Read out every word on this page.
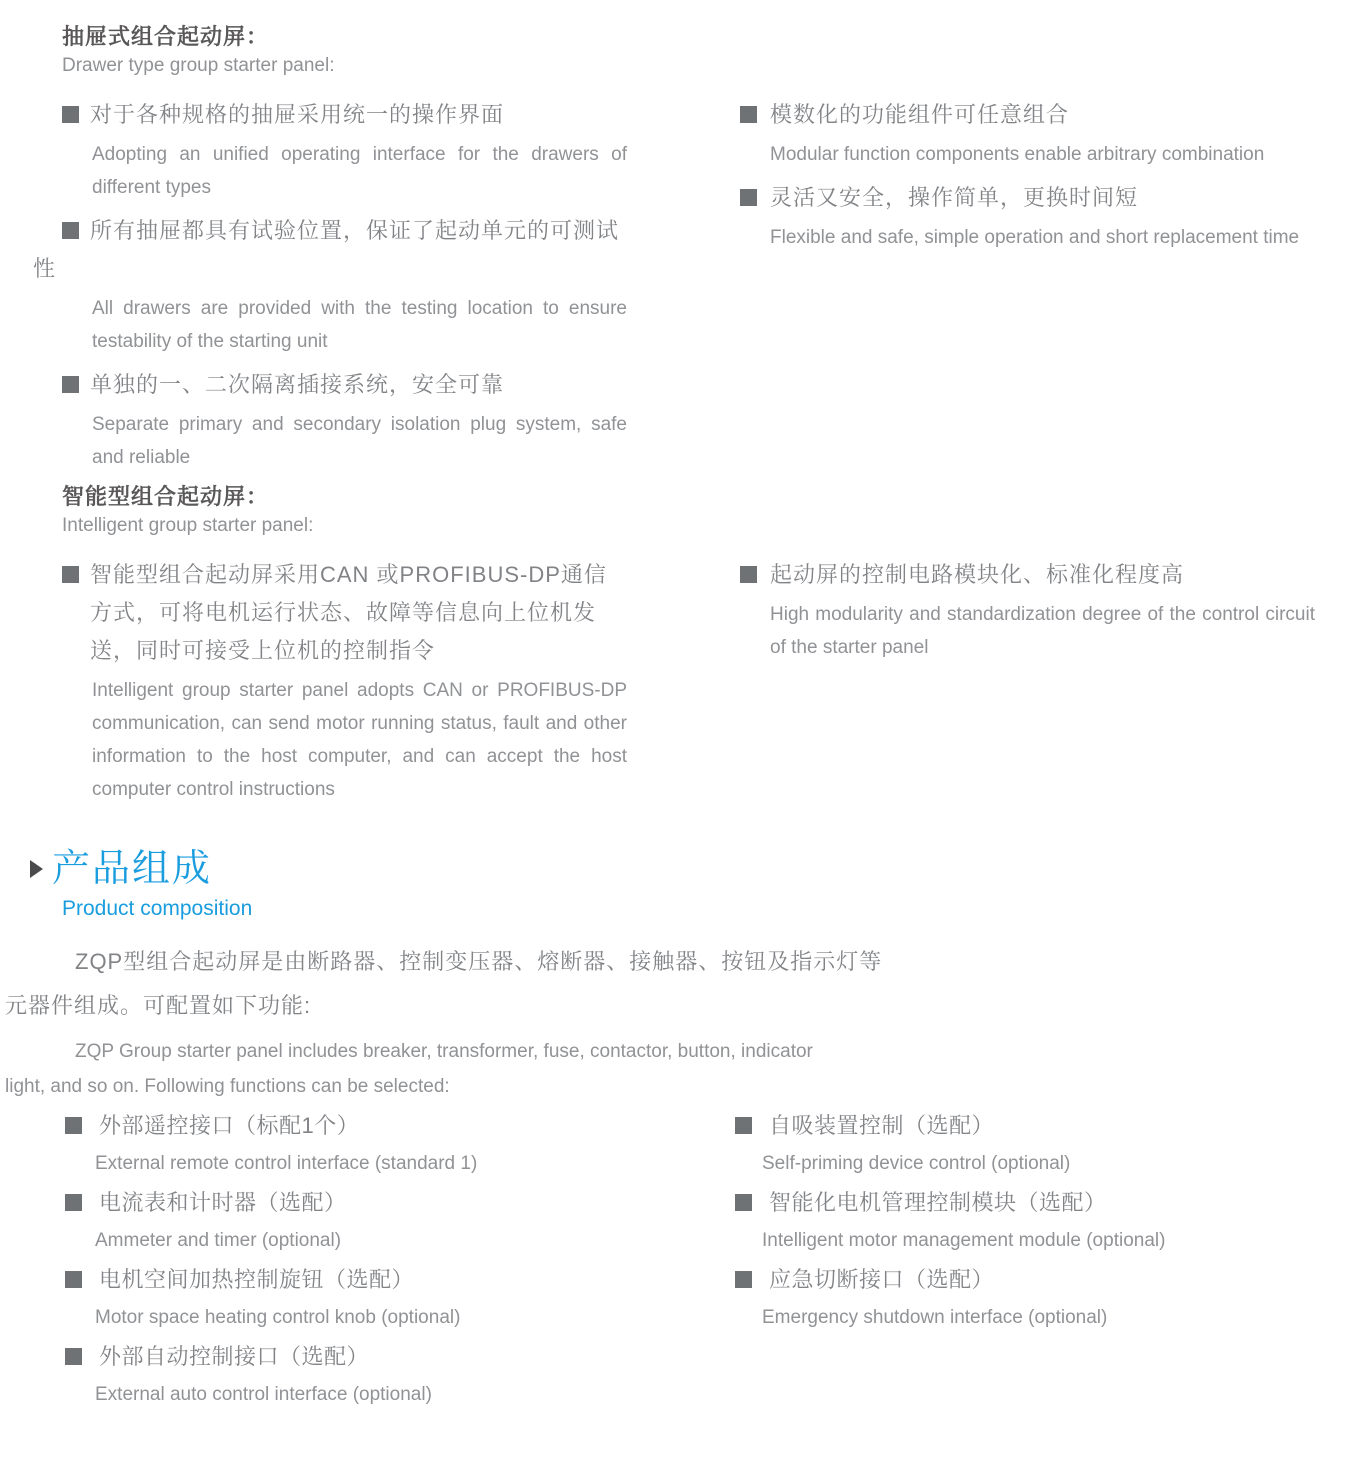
抽屉式组合起动屏：
Drawer type group starter panel:
对于各种规格的抽屉采用统一的操作界面
Adopting an unified operating interface for the drawers of different types
所有抽屉都具有试验位置，保证了起动单元的可测试性
All drawers are provided with the testing location to ensure testability of the starting unit
单独的一、二次隔离插接系统，安全可靠
Separate primary and secondary isolation plug system, safe and reliable
模数化的功能组件可任意组合
Modular function components enable arbitrary combination
灵活又安全，操作简单，更换时间短
Flexible and safe, simple operation and short replacement time
智能型组合起动屏：
Intelligent group starter panel:
智能型组合起动屏采用CAN 或PROFIBUS-DP通信方式，可将电机运行状态、故障等信息向上位机发送，同时可接受上位机的控制指令
Intelligent group starter panel adopts CAN or PROFIBUS-DP communication, can send motor running status, fault and other information to the host computer, and can accept the host computer control instructions
起动屏的控制电路模块化、标准化程度高
High modularity and standardization degree of the control circuit of the starter panel
产品组成
Product composition
ZQP型组合起动屏是由断路器、控制变压器、熔断器、接触器、按钮及指示灯等
元器件组成。可配置如下功能:
ZQP Group starter panel includes breaker, transformer, fuse, contactor, button, indicator
light, and so on. Following functions can be selected:
外部遥控接口（标配1个）
External remote control interface (standard 1)
电流表和计时器（选配）
Ammeter and timer (optional)
电机空间加热控制旋钮（选配）
Motor space heating control knob (optional)
外部自动控制接口（选配）
External auto control interface (optional)
自吸装置控制（选配）
Self-priming device control (optional)
智能化电机管理控制模块（选配）
Intelligent motor management module (optional)
应急切断接口（选配）
Emergency shutdown interface (optional)
